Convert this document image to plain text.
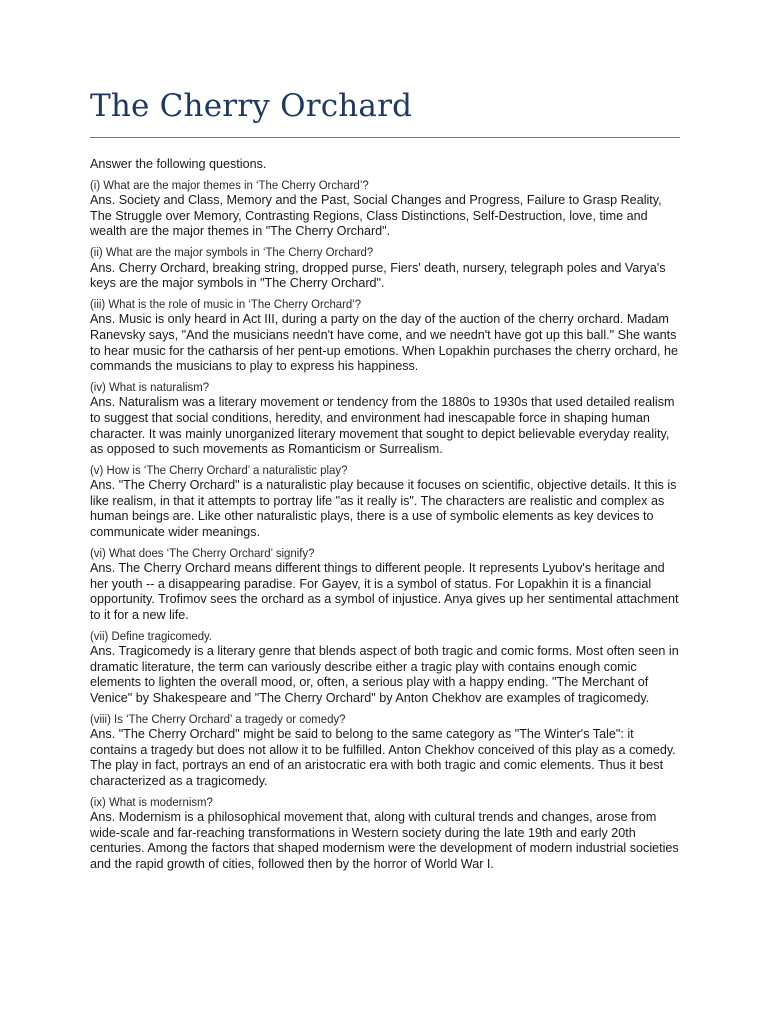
The Cherry Orchard

Answer the following questions.

(i) What are the major themes in ‘The Cherry Orchard’?

Ans. Society and Class, Memory and the Past, Social Changes and Progress, Failure to Grasp Reality, The Struggle over Memory, Contrasting Regions, Class Distinctions, Self-Destruction, love, time and wealth are the major themes in "The Cherry Orchard".

(ii) What are the major symbols in ‘The Cherry Orchard?

Ans. Cherry Orchard, breaking string, dropped purse, Fiers' death, nursery, telegraph poles and Varya's keys are the major symbols in "The Cherry Orchard".

(iii) What is the role of music in ‘The Cherry Orchard’?

Ans. Music is only heard in Act III, during a party on the day of the auction of the cherry orchard. Madam Ranevsky says, "And the musicians needn't have come, and we needn't have got up this ball." She wants to hear music for the catharsis of her pent-up emotions. When Lopakhin purchases the cherry orchard, he commands the musicians to play to express his happiness.

(iv) What is naturalism?

Ans. Naturalism was a literary movement or tendency from the 1880s to 1930s that used detailed realism to suggest that social conditions, heredity, and environment had inescapable force in shaping human character. It was mainly unorganized literary movement that sought to depict believable everyday reality, as opposed to such movements as Romanticism or Surrealism.

(v) How is ‘The Cherry Orchard’ a naturalistic play?

Ans. "The Cherry Orchard" is a naturalistic play because it focuses on scientific, objective details. It this is like realism, in that it attempts to portray life "as it really is". The characters are realistic and complex as human beings are. Like other naturalistic plays, there is a use of symbolic elements as key devices to communicate wider meanings.

(vi) What does ‘The Cherry Orchard’ signify?

Ans. The Cherry Orchard means different things to different people. It represents Lyubov's heritage and her youth -- a disappearing paradise. For Gayev, it is a symbol of status. For Lopakhin it is a financial opportunity. Trofimov sees the orchard as a symbol of injustice. Anya gives up her sentimental attachment to it for a new life.

(vii) Define tragicomedy.

Ans. Tragicomedy is a literary genre that blends aspect of both tragic and comic forms. Most often seen in dramatic literature, the term can variously describe either a tragic play with contains enough comic elements to lighten the overall mood, or, often, a serious play with a happy ending. "The Merchant of Venice" by Shakespeare and "The Cherry Orchard" by Anton Chekhov are examples of tragicomedy.

(viii) Is ‘The Cherry Orchard’ a tragedy or comedy?

Ans. "The Cherry Orchard" might be said to belong to the same category as "The Winter's Tale": it contains a tragedy but does not allow it to be fulfilled. Anton Chekhov conceived of this play as a comedy. The play in fact, portrays an end of an aristocratic era with both tragic and comic elements. Thus it best characterized as a tragicomedy.

(ix) What is modernism?

Ans. Modernism is a philosophical movement that, along with cultural trends and changes, arose from wide-scale and far-reaching transformations in Western society during the late 19th and early 20th centuries. Among the factors that shaped modernism were the development of modern industrial societies and the rapid growth of cities, followed then by the horror of World War I.
